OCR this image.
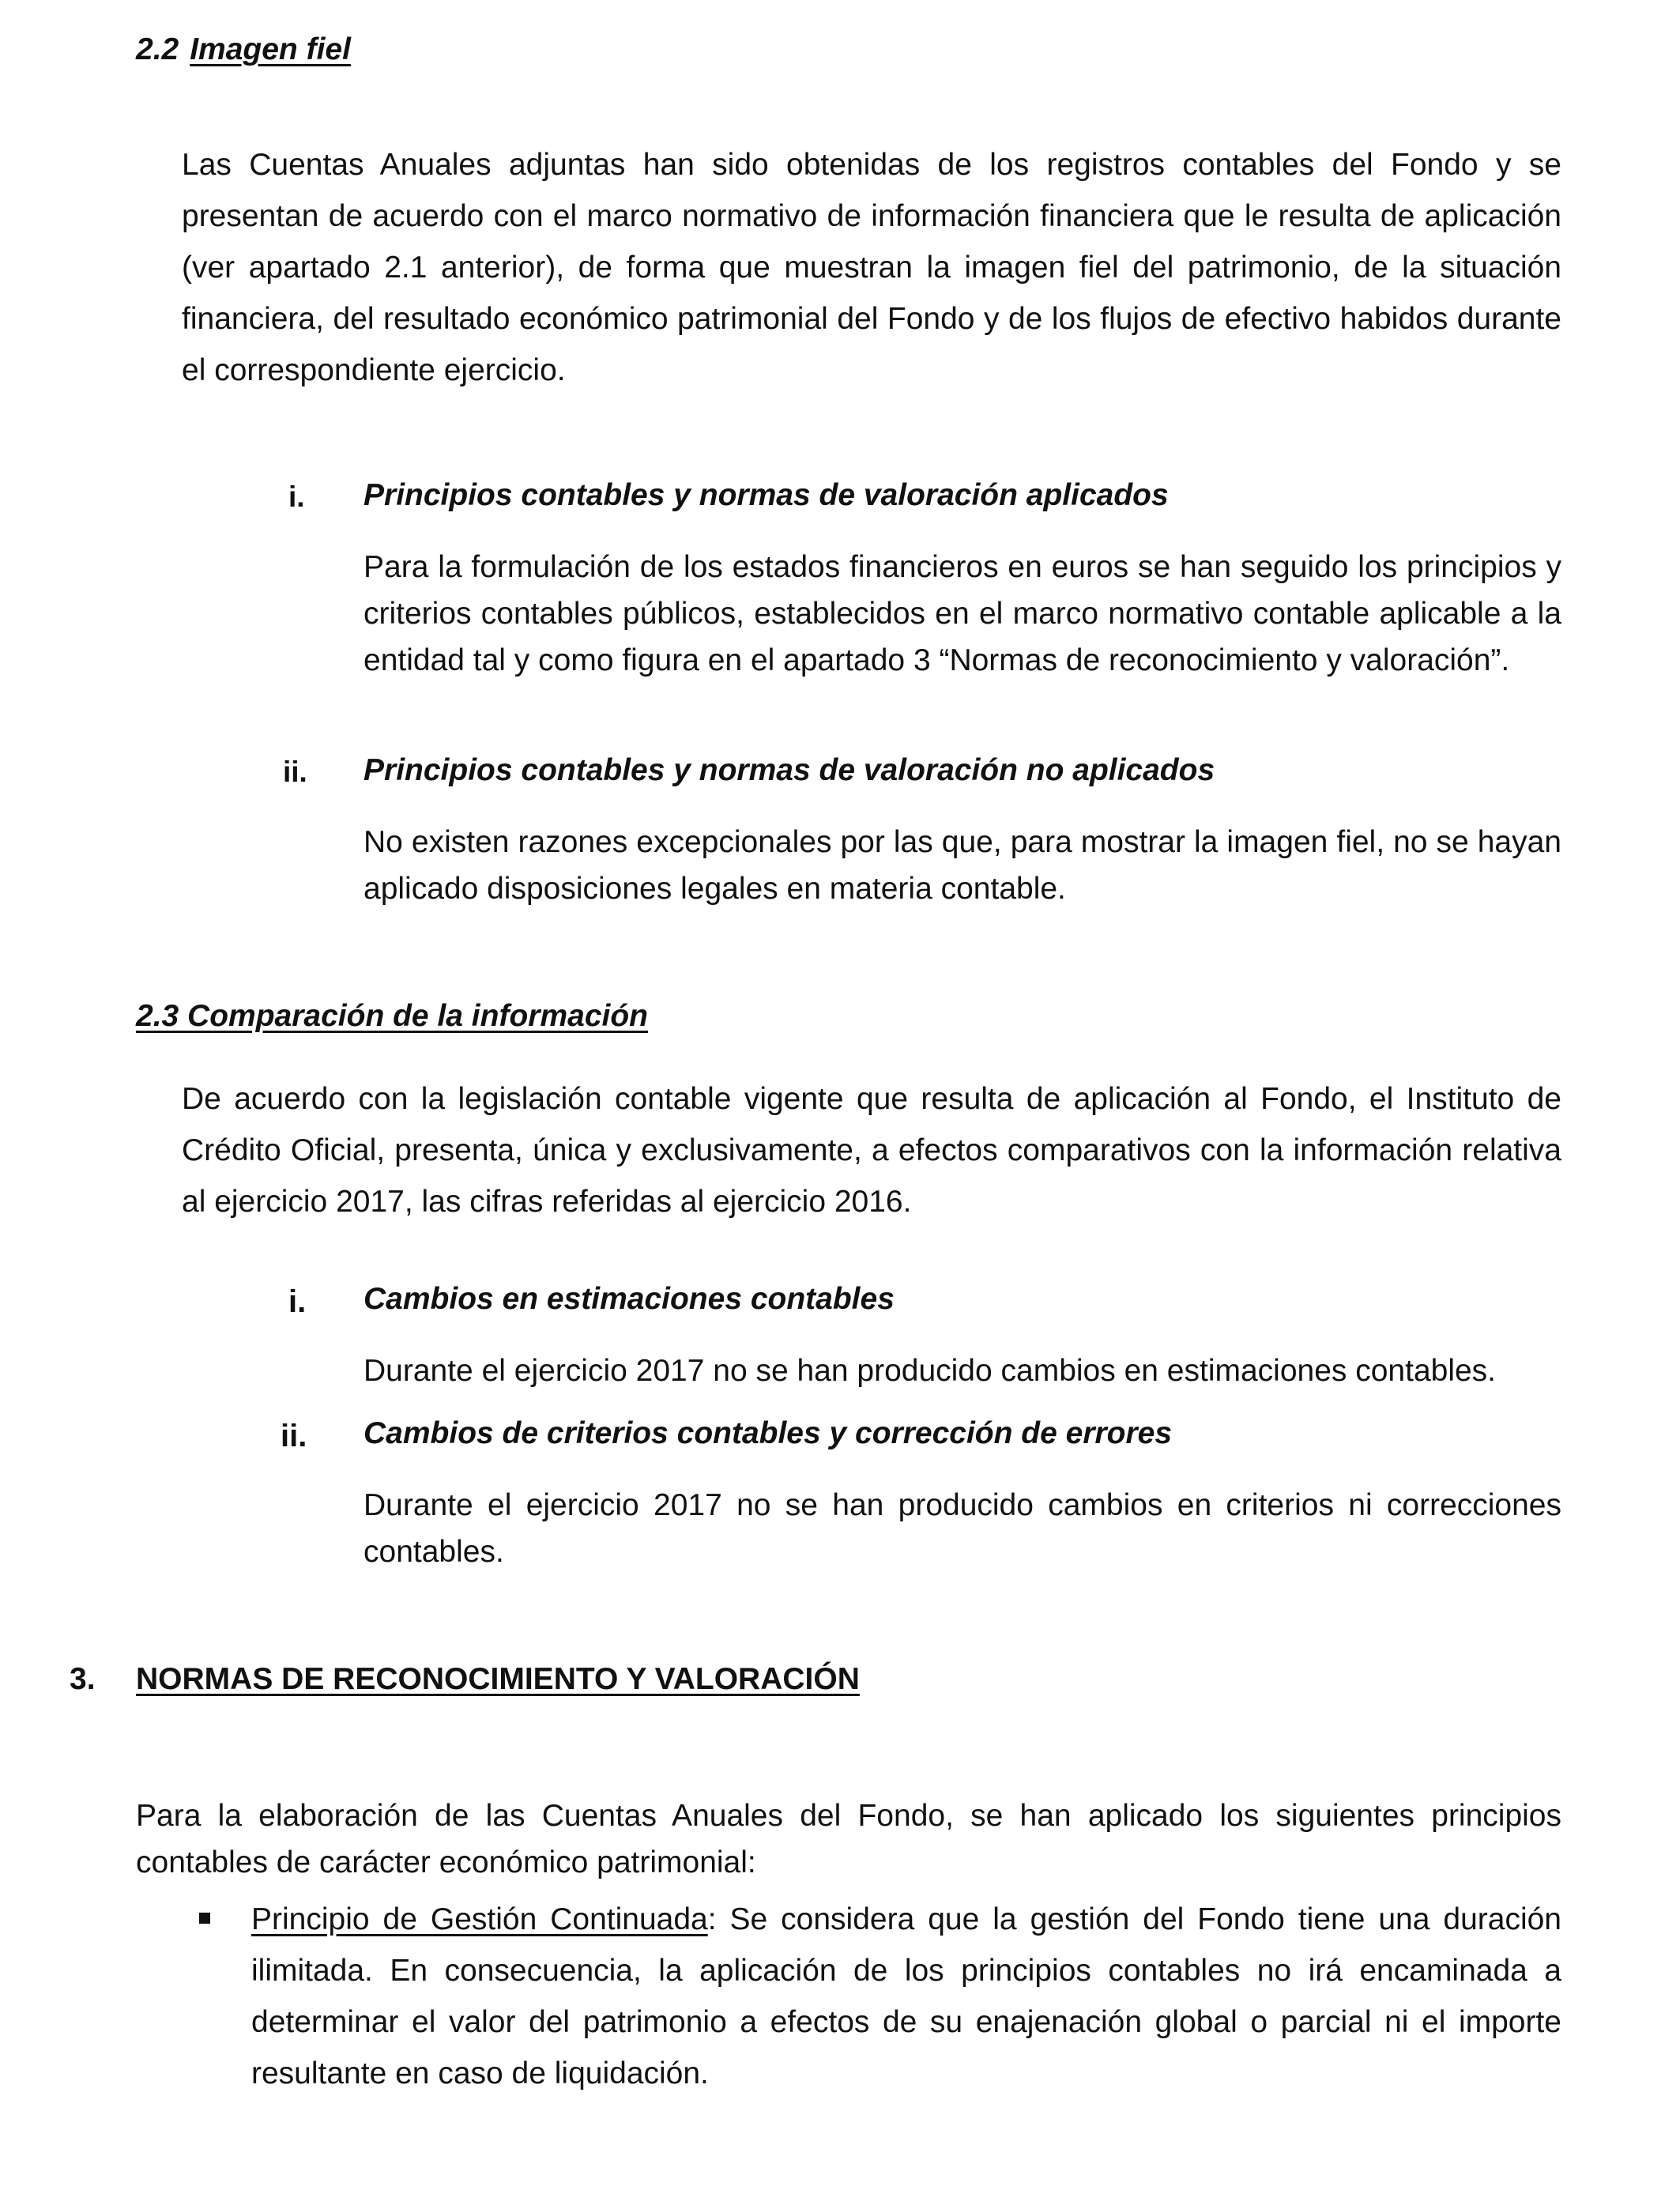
2.2 Imagen fiel
Las Cuentas Anuales adjuntas han sido obtenidas de los registros contables del Fondo y se presentan de acuerdo con el marco normativo de información financiera que le resulta de aplicación (ver apartado 2.1 anterior), de forma que muestran la imagen fiel del patrimonio, de la situación financiera, del resultado económico patrimonial del Fondo y de los flujos de efectivo habidos durante el correspondiente ejercicio.
i. Principios contables y normas de valoración aplicados
Para la formulación de los estados financieros en euros se han seguido los principios y criterios contables públicos, establecidos en el marco normativo contable aplicable a la entidad tal y como figura en el apartado 3 “Normas de reconocimiento y valoración”.
ii. Principios contables y normas de valoración no aplicados
No existen razones excepcionales por las que, para mostrar la imagen fiel, no se hayan aplicado disposiciones legales en materia contable.
2.3 Comparación de la información
De acuerdo con la legislación contable vigente que resulta de aplicación al Fondo, el Instituto de Crédito Oficial, presenta, única y exclusivamente, a efectos comparativos con la información relativa al ejercicio 2017, las cifras referidas al ejercicio 2016.
i. Cambios en estimaciones contables
Durante el ejercicio 2017 no se han producido cambios en estimaciones contables.
ii. Cambios de criterios contables y corrección de errores
Durante el ejercicio 2017 no se han producido cambios en criterios ni correcciones contables.
3. NORMAS DE RECONOCIMIENTO Y VALORACIÓN
Para la elaboración de las Cuentas Anuales del Fondo, se han aplicado los siguientes principios contables de carácter económico patrimonial:
Principio de Gestión Continuada: Se considera que la gestión del Fondo tiene una duración ilimitada. En consecuencia, la aplicación de los principios contables no irá encaminada a determinar el valor del patrimonio a efectos de su enajenación global o parcial ni el importe resultante en caso de liquidación.
